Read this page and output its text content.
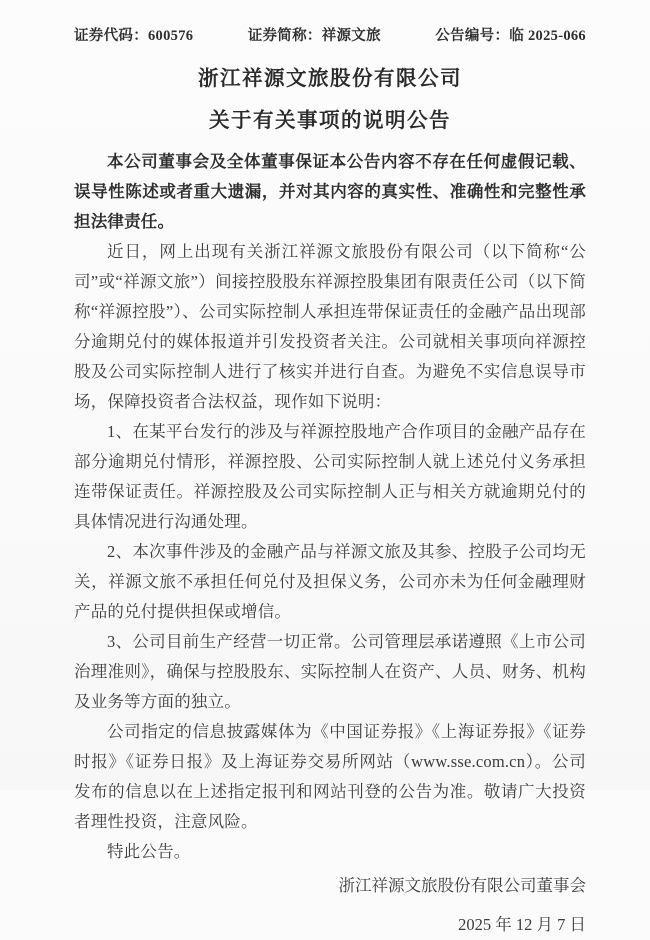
证券代码：600576	证券简称：祥源文旅	公告编号：临 2025-066
浙江祥源文旅股份有限公司
关于有关事项的说明公告

本公司董事会及全体董事保证本公告内容不存在任何虚假记载、误导性陈述或者重大遗漏，并对其内容的真实性、准确性和完整性承担法律责任。

近日，网上出现有关浙江祥源文旅股份有限公司（以下简称“公司”或“祥源文旅”）间接控股股东祥源控股集团有限责任公司（以下简称“祥源控股”）、公司实际控制人承担连带保证责任的金融产品出现部分逾期兑付的媒体报道并引发投资者关注。公司就相关事项向祥源控股及公司实际控制人进行了核实并进行自查。为避免不实信息误导市场，保障投资者合法权益，现作如下说明：

1、在某平台发行的涉及与祥源控股地产合作项目的金融产品存在部分逾期兑付情形，祥源控股、公司实际控制人就上述兑付义务承担连带保证责任。祥源控股及公司实际控制人正与相关方就逾期兑付的具体情况进行沟通处理。

2、本次事件涉及的金融产品与祥源文旅及其参、控股子公司均无关，祥源文旅不承担任何兑付及担保义务，公司亦未为任何金融理财产品的兑付提供担保或增信。

3、公司目前生产经营一切正常。公司管理层承诺遵照《上市公司治理准则》，确保与控股股东、实际控制人在资产、人员、财务、机构及业务等方面的独立。

公司指定的信息披露媒体为《中国证券报》《上海证券报》《证券时报》《证券日报》及上海证券交易所网站（www.sse.com.cn）。公司发布的信息以在上述指定报刊和网站刊登的公告为准。敬请广大投资者理性投资，注意风险。

特此公告。

浙江祥源文旅股份有限公司董事会
2025 年 12 月 7 日
